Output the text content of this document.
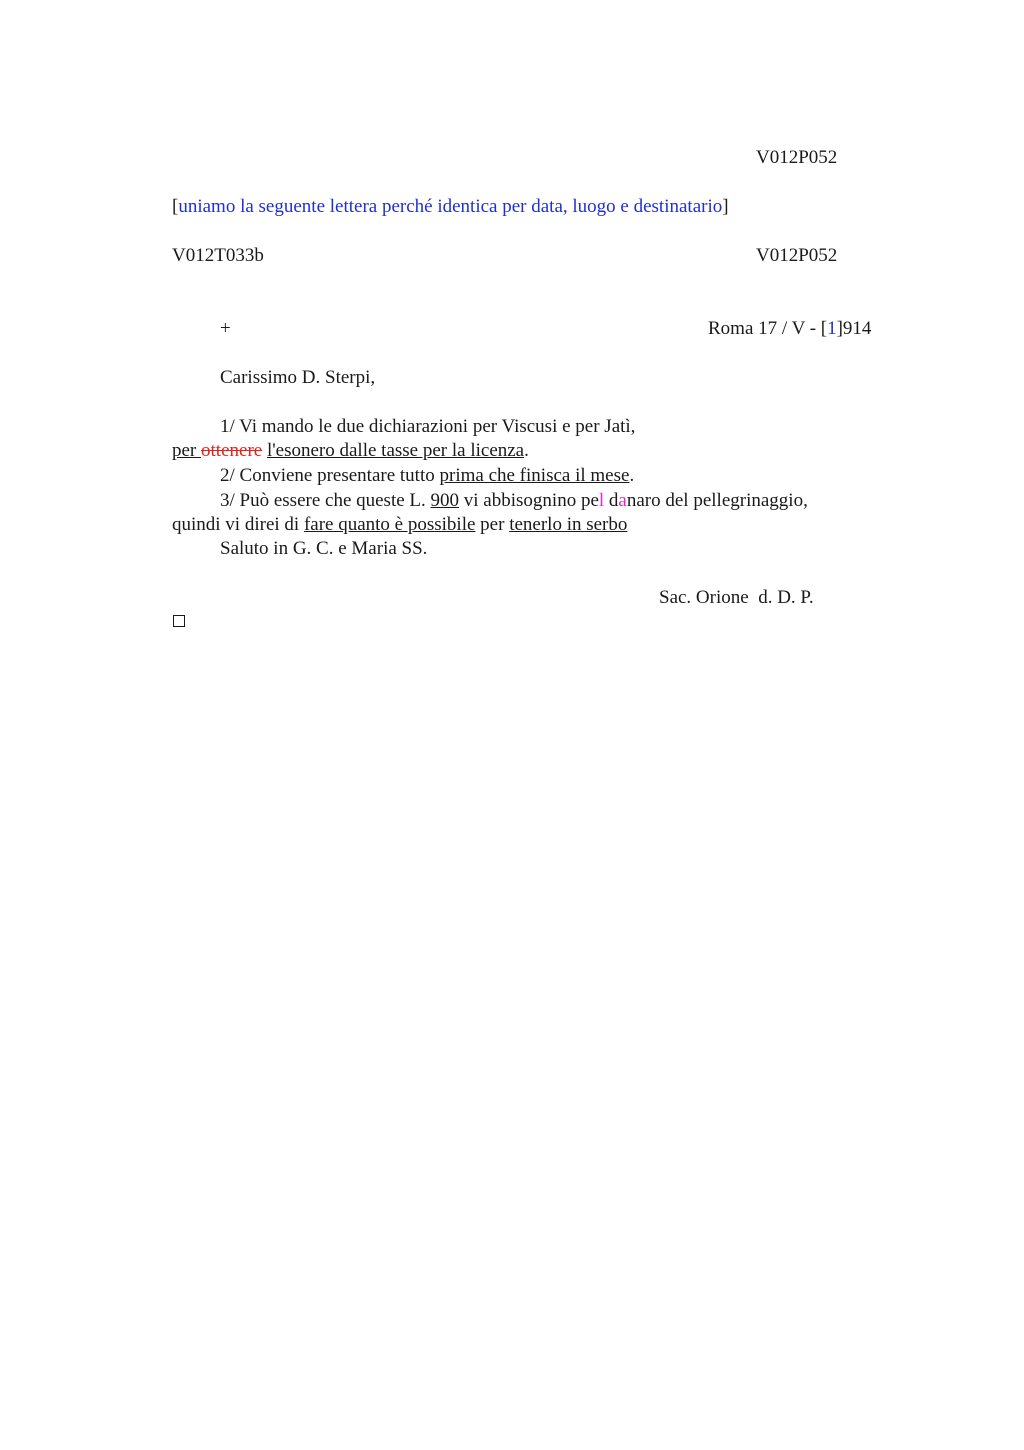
V012P052
[uniamo la seguente lettera perché identica per data, luogo e destinatario]
V012T033b	V012P052
+	Roma 17 / V - [1]914
Carissimo D. Sterpi,
1/ Vi mando le due dichiarazioni per Viscusi e per Jatì,
per ottenere l'esonero dalle tasse per la licenza.
2/ Conviene presentare tutto prima che finisca il mese.
3/ Può essere che queste L. 900 vi abbisognino pel danaro del pellegrinaggio,
quindi vi direi di fare quanto è possibile per tenerlo in serbo
Saluto in G. C. e Maria SS.
Sac. Orione  d. D. P.
